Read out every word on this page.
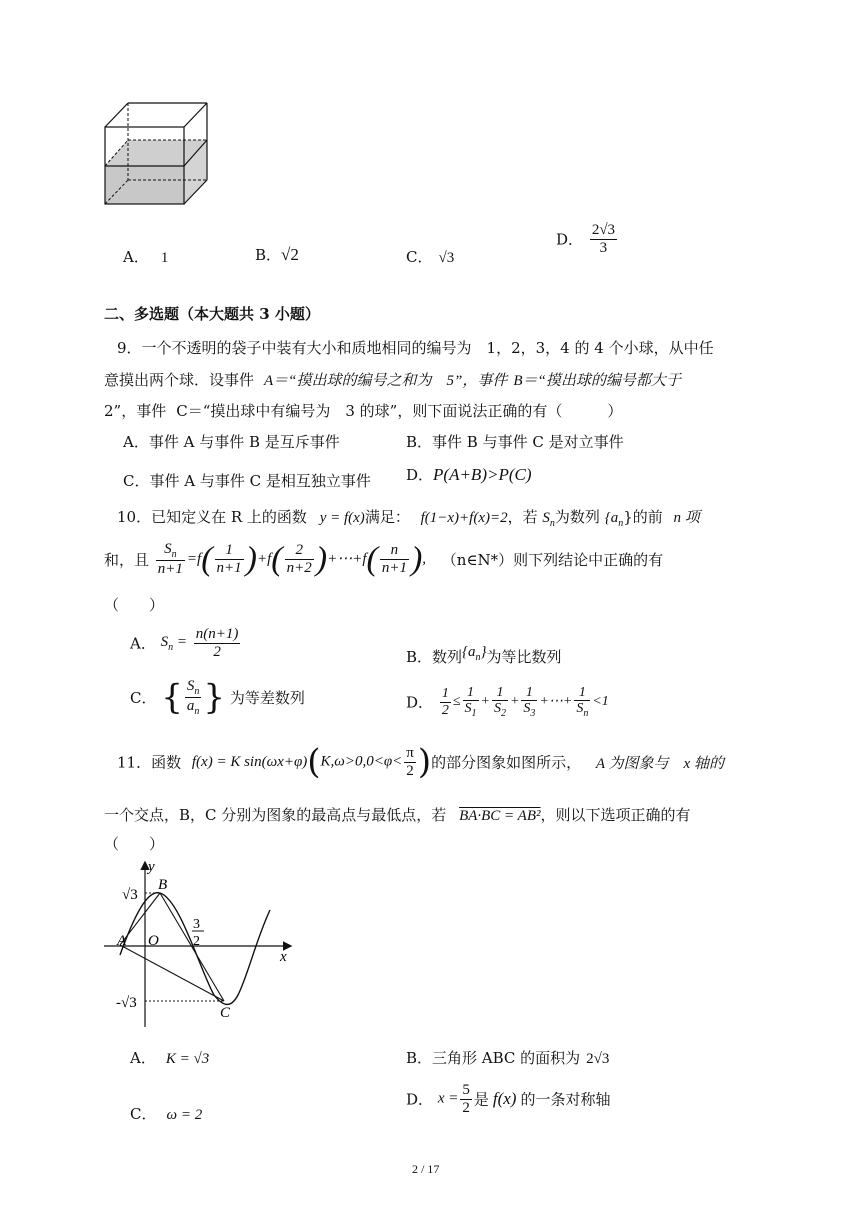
A． 1	B．√2	C． √3
D． $\frac{2√3}{3}$
二、多选题（本大题共 3 小题）
9．一个不透明的袋子中装有大小和质地相同的编号为　1，2，3，4 的 4 个小球，从中任
意摸出两个球．设事件 A＝“摸出球的编号之和为　5”，事件 B＝“摸出球的编号都大于
2”，事件 C＝“摸出球中有编号为　3 的球”，则下面说法正确的有（　　　）
A．事件 A 与事件 B 是互斥事件	B．事件 B 与事件 C 是对立事件
C．事件 A 与事件 C 是相互独立事件 D．P(A+B)>P(C)
10．已知定义在 R 上的函数 y = f(x)满足： f(1−x)+f(x)=2，若 $S_n$为数列 $\{a_n\}$的前 n 项
和，且 $\frac{S_n}{n+1} =f( \frac{1}{n+1} )+f( \frac{2}{n+2}$ )+⋯+f( $\frac{n}{n+1}$ ), （n∈N*）则下列结论中正确的有
（　　）
A． $S_n = \frac{n(n+1)}{2}$	B．数列$\{a_n\}$为等比数列
C． { $\frac{S_n}{a_n}$ } 为等差数列	D． $\frac{1}{2} \le \frac{1}{S_1} + \frac{1}{S_2} + \frac{1}{S_3}$ +⋯+ $\frac{1}{S_n} <1$
11．函数 f(x) = K $\sin(\omega x+\varphi)(K,\omega>0,0<\varphi< \frac{\pi}{2}$ )的部分图象如图所示， A 为图象与　x 轴的
一个交点，B，C 分别为图象的最高点与最低点，若 BA·BC = AB²，则以下选项正确的有
（　　）
y
√3
B
3
2
A O
x
-√3
C
A． K = √3	B．三角形 ABC 的面积为 2√3
C． ω = 2
D． $x = \frac{5}{2}$ 是 f(x) 的一条对称轴
2 / 17
